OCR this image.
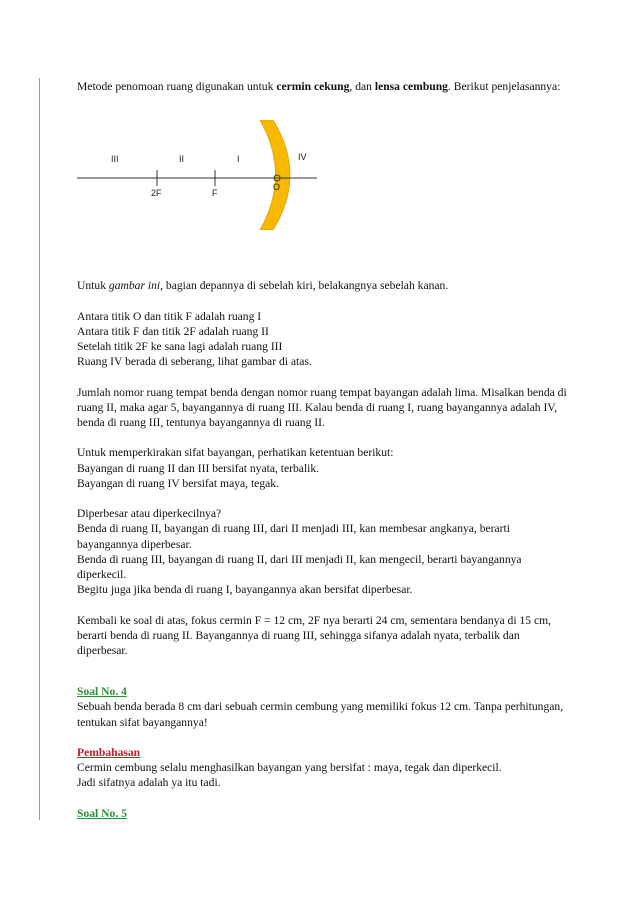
Metode penomoan ruang digunakan untuk cermin cekung, dan lensa cembung. Berikut penjelasannya:

III	II	I	IV
2F	F
O

Untuk gambar ini, bagian depannya di sebelah kiri, belakangnya sebelah kanan.

Antara titik O dan titik F adalah ruang I

Antara titik F dan titik 2F adalah ruang II

Setelah titik 2F ke sana lagi adalah ruang III

Ruang IV berada di seberang, lihat gambar di atas.

Jumlah nomor ruang tempat benda dengan nomor ruang tempat bayangan adalah lima. Misalkan benda di ruang II, maka agar 5, bayangannya di ruang III. Kalau benda di ruang I, ruang bayangannya adalah IV, benda di ruang III, tentunya bayangannya di ruang II.

Untuk memperkirakan sifat bayangan, perhatikan ketentuan berikut:

Bayangan di ruang II dan III bersifat nyata, terbalik.

Bayangan di ruang IV bersifat maya, tegak.

Diperbesar atau diperkecilnya?

Benda di ruang II, bayangan di ruang III, dari II menjadi III, kan membesar angkanya, berarti bayangannya diperbesar.

Benda di ruang III, bayangan di ruang II, dari III menjadi II, kan mengecil, berarti bayangannya diperkecil.

Begitu juga jika benda di ruang I, bayangannya akan bersifat diperbesar.

Kembali ke soal di atas, fokus cermin F = 12 cm, 2F nya berarti 24 cm, sementara bendanya di 15 cm, berarti benda di ruang II. Bayangannya di ruang III, sehingga sifanya adalah nyata, terbalik dan diperbesar.

Soal No. 4

Sebuah benda berada 8 cm dari sebuah cermin cembung yang memiliki fokus 12 cm. Tanpa perhitungan, tentukan sifat bayangannya!

Pembahasan

Cermin cembung selalu menghasilkan bayangan yang bersifat : maya, tegak dan diperkecil.

Jadi sifatnya adalah ya itu tadi.

Soal No. 5
